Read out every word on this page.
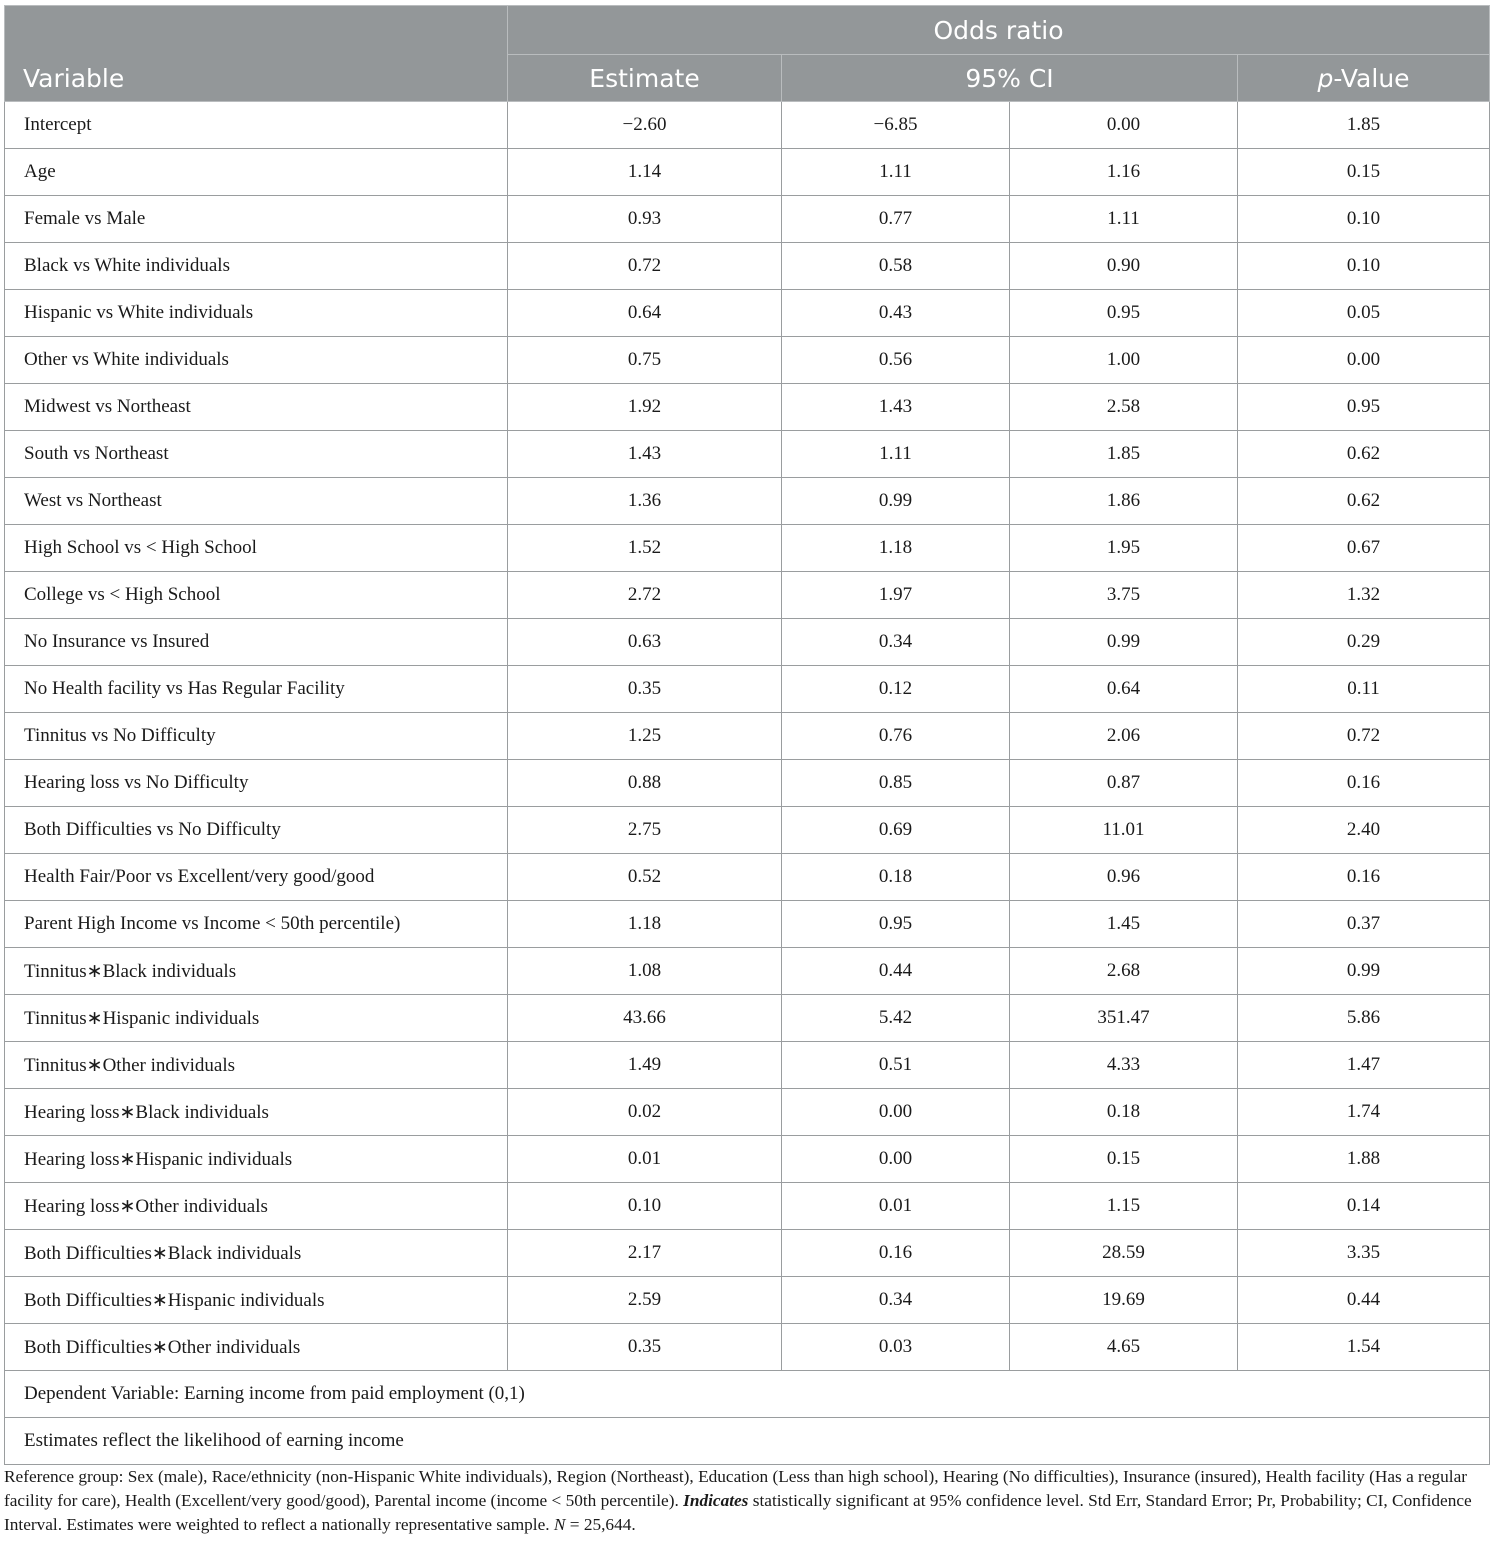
Variable	Odds ratio			
	Estimate	95% CI		p-Value
Intercept	−2.60	−6.85	0.00	1.85
Age	1.14	1.11	1.16	0.15
Female vs Male	0.93	0.77	1.11	0.10
Black vs White individuals	0.72	0.58	0.90	0.10
Hispanic vs White individuals	0.64	0.43	0.95	0.05
Other vs White individuals	0.75	0.56	1.00	0.00
Midwest vs Northeast	1.92	1.43	2.58	0.95
South vs Northeast	1.43	1.11	1.85	0.62
West vs Northeast	1.36	0.99	1.86	0.62
High School vs < High School	1.52	1.18	1.95	0.67
College vs < High School	2.72	1.97	3.75	1.32
No Insurance vs Insured	0.63	0.34	0.99	0.29
No Health facility vs Has Regular Facility	0.35	0.12	0.64	0.11
Tinnitus vs No Difficulty	1.25	0.76	2.06	0.72
Hearing loss vs No Difficulty	0.88	0.85	0.87	0.16
Both Difficulties vs No Difficulty	2.75	0.69	11.01	2.40
Health Fair/Poor vs Excellent/very good/good	0.52	0.18	0.96	0.16
Parent High Income vs Income < 50th percentile)	1.18	0.95	1.45	0.37
Tinnitus∗Black individuals	1.08	0.44	2.68	0.99
Tinnitus∗Hispanic individuals	43.66	5.42	351.47	5.86
Tinnitus∗Other individuals	1.49	0.51	4.33	1.47
Hearing loss∗Black individuals	0.02	0.00	0.18	1.74
Hearing loss∗Hispanic individuals	0.01	0.00	0.15	1.88
Hearing loss∗Other individuals	0.10	0.01	1.15	0.14
Both Difficulties∗Black individuals	2.17	0.16	28.59	3.35
Both Difficulties∗Hispanic individuals	2.59	0.34	19.69	0.44
Both Difficulties∗Other individuals	0.35	0.03	4.65	1.54
Dependent Variable: Earning income from paid employment (0,1)				
Estimates reflect the likelihood of earning income				
Reference group: Sex (male), Race/ethnicity (non-Hispanic White individuals), Region (Northeast), Education (Less than high school), Hearing (No difficulties), Insurance (insured), Health facility (Has a regular facility for care), Health (Excellent/very good/good), Parental income (income < 50th percentile). Indicates statistically significant at 95% confidence level. Std Err, Standard Error; Pr, Probability; CI, Confidence Interval. Estimates were weighted to reflect a nationally representative sample. N = 25,644.
